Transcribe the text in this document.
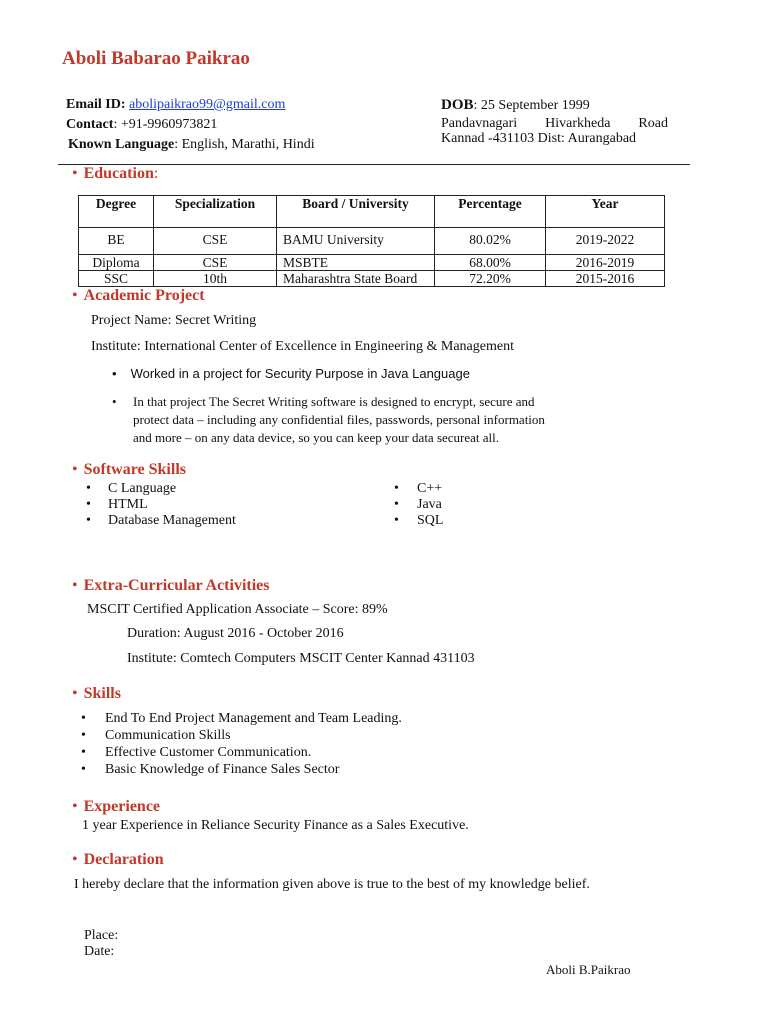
Aboli Babarao Paikrao
Email ID: abolipaikrao99@gmail.com
Contact: +91-9960973821
Known Language: English, Marathi, Hindi
DOB: 25 September 1999
Pandavnagari Hivarkheda Road
Kannad -431103 Dist: Aurangabad
• Education:
Degree	Specialization	Board / University	Percentage	Year
BE	CSE	BAMU University	80.02%	2019-2022
Diploma	CSE	MSBTE	68.00%	2016-2019
SSC	10th	Maharashtra State Board	72.20%	2015-2016
• Academic Project
Project Name: Secret Writing
Institute: International Center of Excellence in Engineering & Management
• Worked in a project for Security Purpose in Java Language
• In that project The Secret Writing software is designed to encrypt, secure and
protect data – including any confidential files, passwords, personal information
and more – on any data device, so you can keep your data secureat all.
• Software Skills
• C Language
• HTML
• Database Management
• C++
• Java
• SQL
• Extra-Curricular Activities
MSCIT Certified Application Associate – Score: 89%
Duration: August 2016 - October 2016
Institute: Comtech Computers MSCIT Center Kannad 431103
• Skills
• End To End Project Management and Team Leading.
• Communication Skills
• Effective Customer Communication.
• Basic Knowledge of Finance Sales Sector
• Experience
1 year Experience in Reliance Security Finance as a Sales Executive.
• Declaration
I hereby declare that the information given above is true to the best of my knowledge belief.
Place:
Date:
Aboli B.Paikrao
